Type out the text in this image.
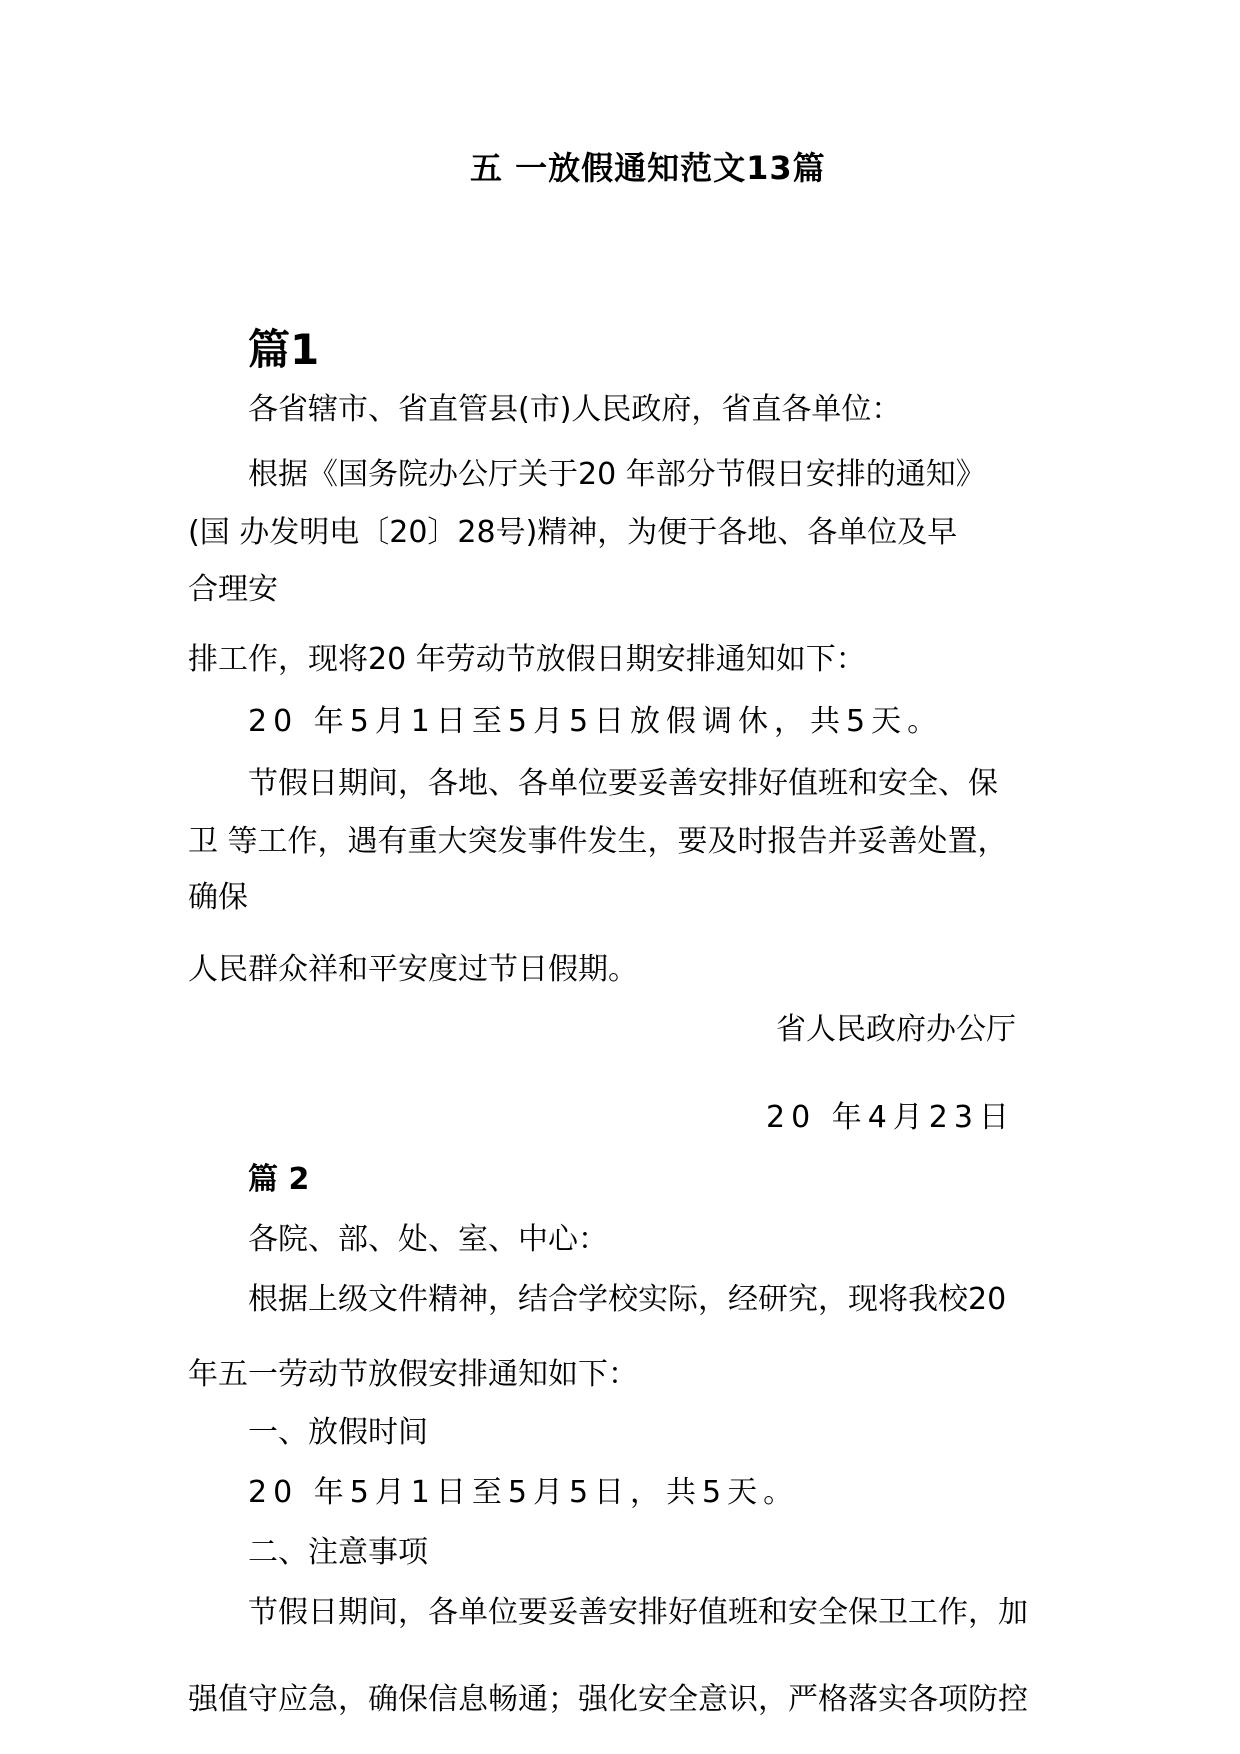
五 一放假通知范文13篇
篇1
各省辖市、省直管县(市)人民政府，省直各单位：
根据《国务院办公厅关于20 年部分节假日安排的通知》
(国 办发明电〔20〕28号)精神，为便于各地、各单位及早
合理安
排工作，现将20 年劳动节放假日期安排通知如下：
20 年5月1日至5月5日放假调休，共5天。
节假日期间，各地、各单位要妥善安排好值班和安全、保
卫 等工作，遇有重大突发事件发生，要及时报告并妥善处置，
确保
人民群众祥和平安度过节日假期。
省人民政府办公厅
20 年4月23日
篇 2
各院、部、处、室、中心：
根据上级文件精神，结合学校实际，经研究，现将我校20
年五一劳动节放假安排通知如下：
一、放假时间
20 年5月1日至5月5日，共5天。
二、注意事项
节假日期间，各单位要妥善安排好值班和安全保卫工作，加
强值守应急，确保信息畅通；强化安全意识，严格落实各项防控
